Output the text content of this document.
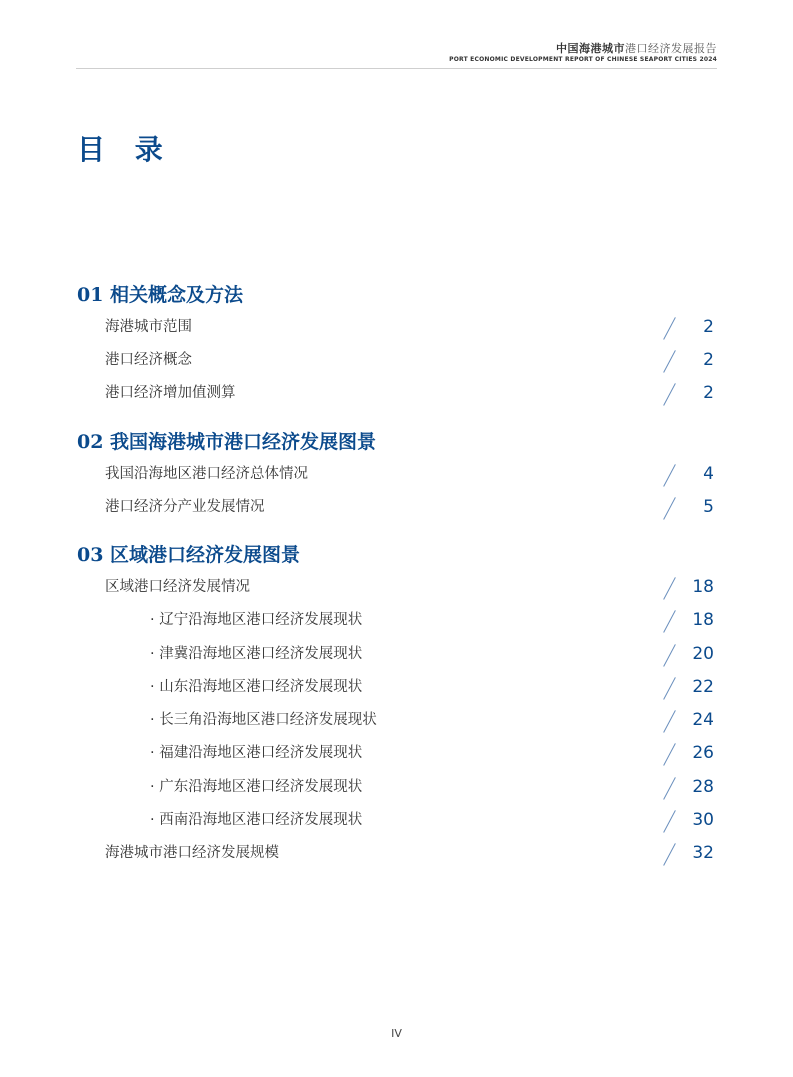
中国海港城市港口经济发展报告
PORT ECONOMIC DEVELOPMENT REPORT OF CHINESE SEAPORT CITIES 2024
目 录
01 相关概念及方法
海港城市范围	2
港口经济概念	2
港口经济增加值测算	2
02 我国海港城市港口经济发展图景
我国沿海地区港口经济总体情况	4
港口经济分产业发展情况	5
03 区域港口经济发展图景
区域港口经济发展情况	18
· 辽宁沿海地区港口经济发展现状	18
· 津冀沿海地区港口经济发展现状	20
· 山东沿海地区港口经济发展现状	22
· 长三角沿海地区港口经济发展现状	24
· 福建沿海地区港口经济发展现状	26
· 广东沿海地区港口经济发展现状	28
· 西南沿海地区港口经济发展现状	30
海港城市港口经济发展规模	32
IV
